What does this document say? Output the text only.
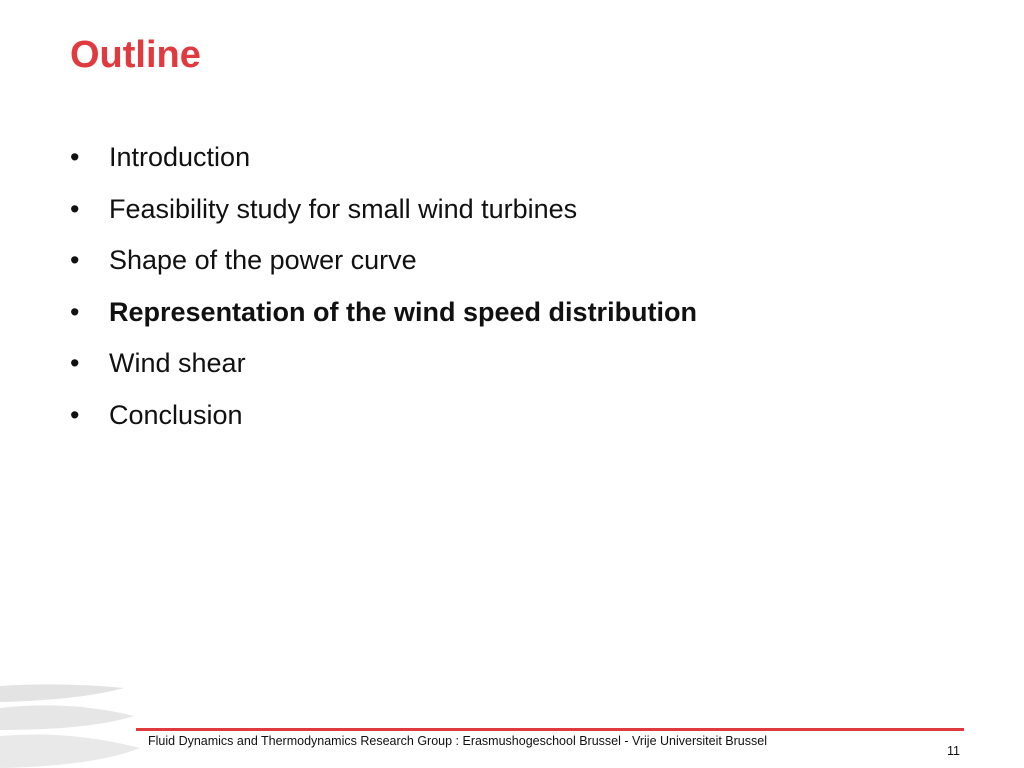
Outline
•	Introduction
•	Feasibility study for small wind turbines
•	Shape of the power curve
•	Representation of the wind speed distribution
•	Wind shear
•	Conclusion
Fluid Dynamics and Thermodynamics Research Group : Erasmushogeschool Brussel - Vrije Universiteit Brussel
11
